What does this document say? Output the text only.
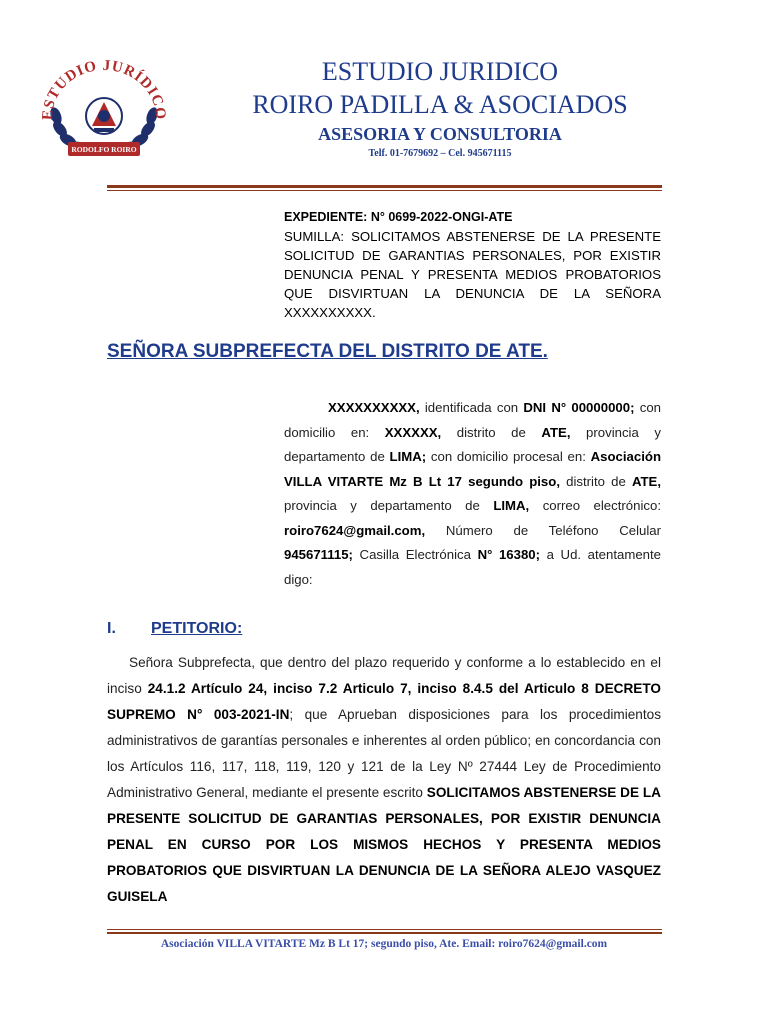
ESTUDIO JURÍDICO
RODOLFO ROIRO
ESTUDIO JURIDICO
ROIRO PADILLA & ASOCIADOS
ASESORIA Y CONSULTORIA
Telf. 01-7679692 – Cel. 945671115
EXPEDIENTE: N° 0699-2022-ONGI-ATE
SUMILLA: SOLICITAMOS ABSTENERSE DE LA PRESENTE SOLICITUD DE GARANTIAS PERSONALES, POR EXISTIR DENUNCIA PENAL Y PRESENTA MEDIOS PROBATORIOS QUE DISVIRTUAN LA DENUNCIA DE LA SEÑORA XXXXXXXXXX.
SEÑORA SUBPREFECTA DEL DISTRITO DE ATE.
XXXXXXXXXX, identificada con DNI N° 00000000; con domicilio en: XXXXXX, distrito de ATE, provincia y departamento de LIMA; con domicilio procesal en: Asociación VILLA VITARTE Mz B Lt 17 segundo piso, distrito de ATE, provincia y departamento de LIMA, correo electrónico: roiro7624@gmail.com, Número de Teléfono Celular 945671115; Casilla Electrónica N° 16380; a Ud. atentamente digo:
I. PETITORIO:
Señora Subprefecta, que dentro del plazo requerido y conforme a lo establecido en el inciso 24.1.2 Artículo 24, inciso 7.2 Articulo 7, inciso 8.4.5 del Articulo 8 DECRETO SUPREMO N° 003-2021-IN; que Aprueban disposiciones para los procedimientos administrativos de garantías personales e inherentes al orden público; en concordancia con los Artículos 116, 117, 118, 119, 120 y 121 de la Ley Nº 27444 Ley de Procedimiento Administrativo General, mediante el presente escrito SOLICITAMOS ABSTENERSE DE LA PRESENTE SOLICITUD DE GARANTIAS PERSONALES, POR EXISTIR DENUNCIA PENAL EN CURSO POR LOS MISMOS HECHOS Y PRESENTA MEDIOS PROBATORIOS QUE DISVIRTUAN LA DENUNCIA DE LA SEÑORA ALEJO VASQUEZ GUISELA
Asociación VILLA VITARTE Mz B Lt 17; segundo piso, Ate. Email: roiro7624@gmail.com
